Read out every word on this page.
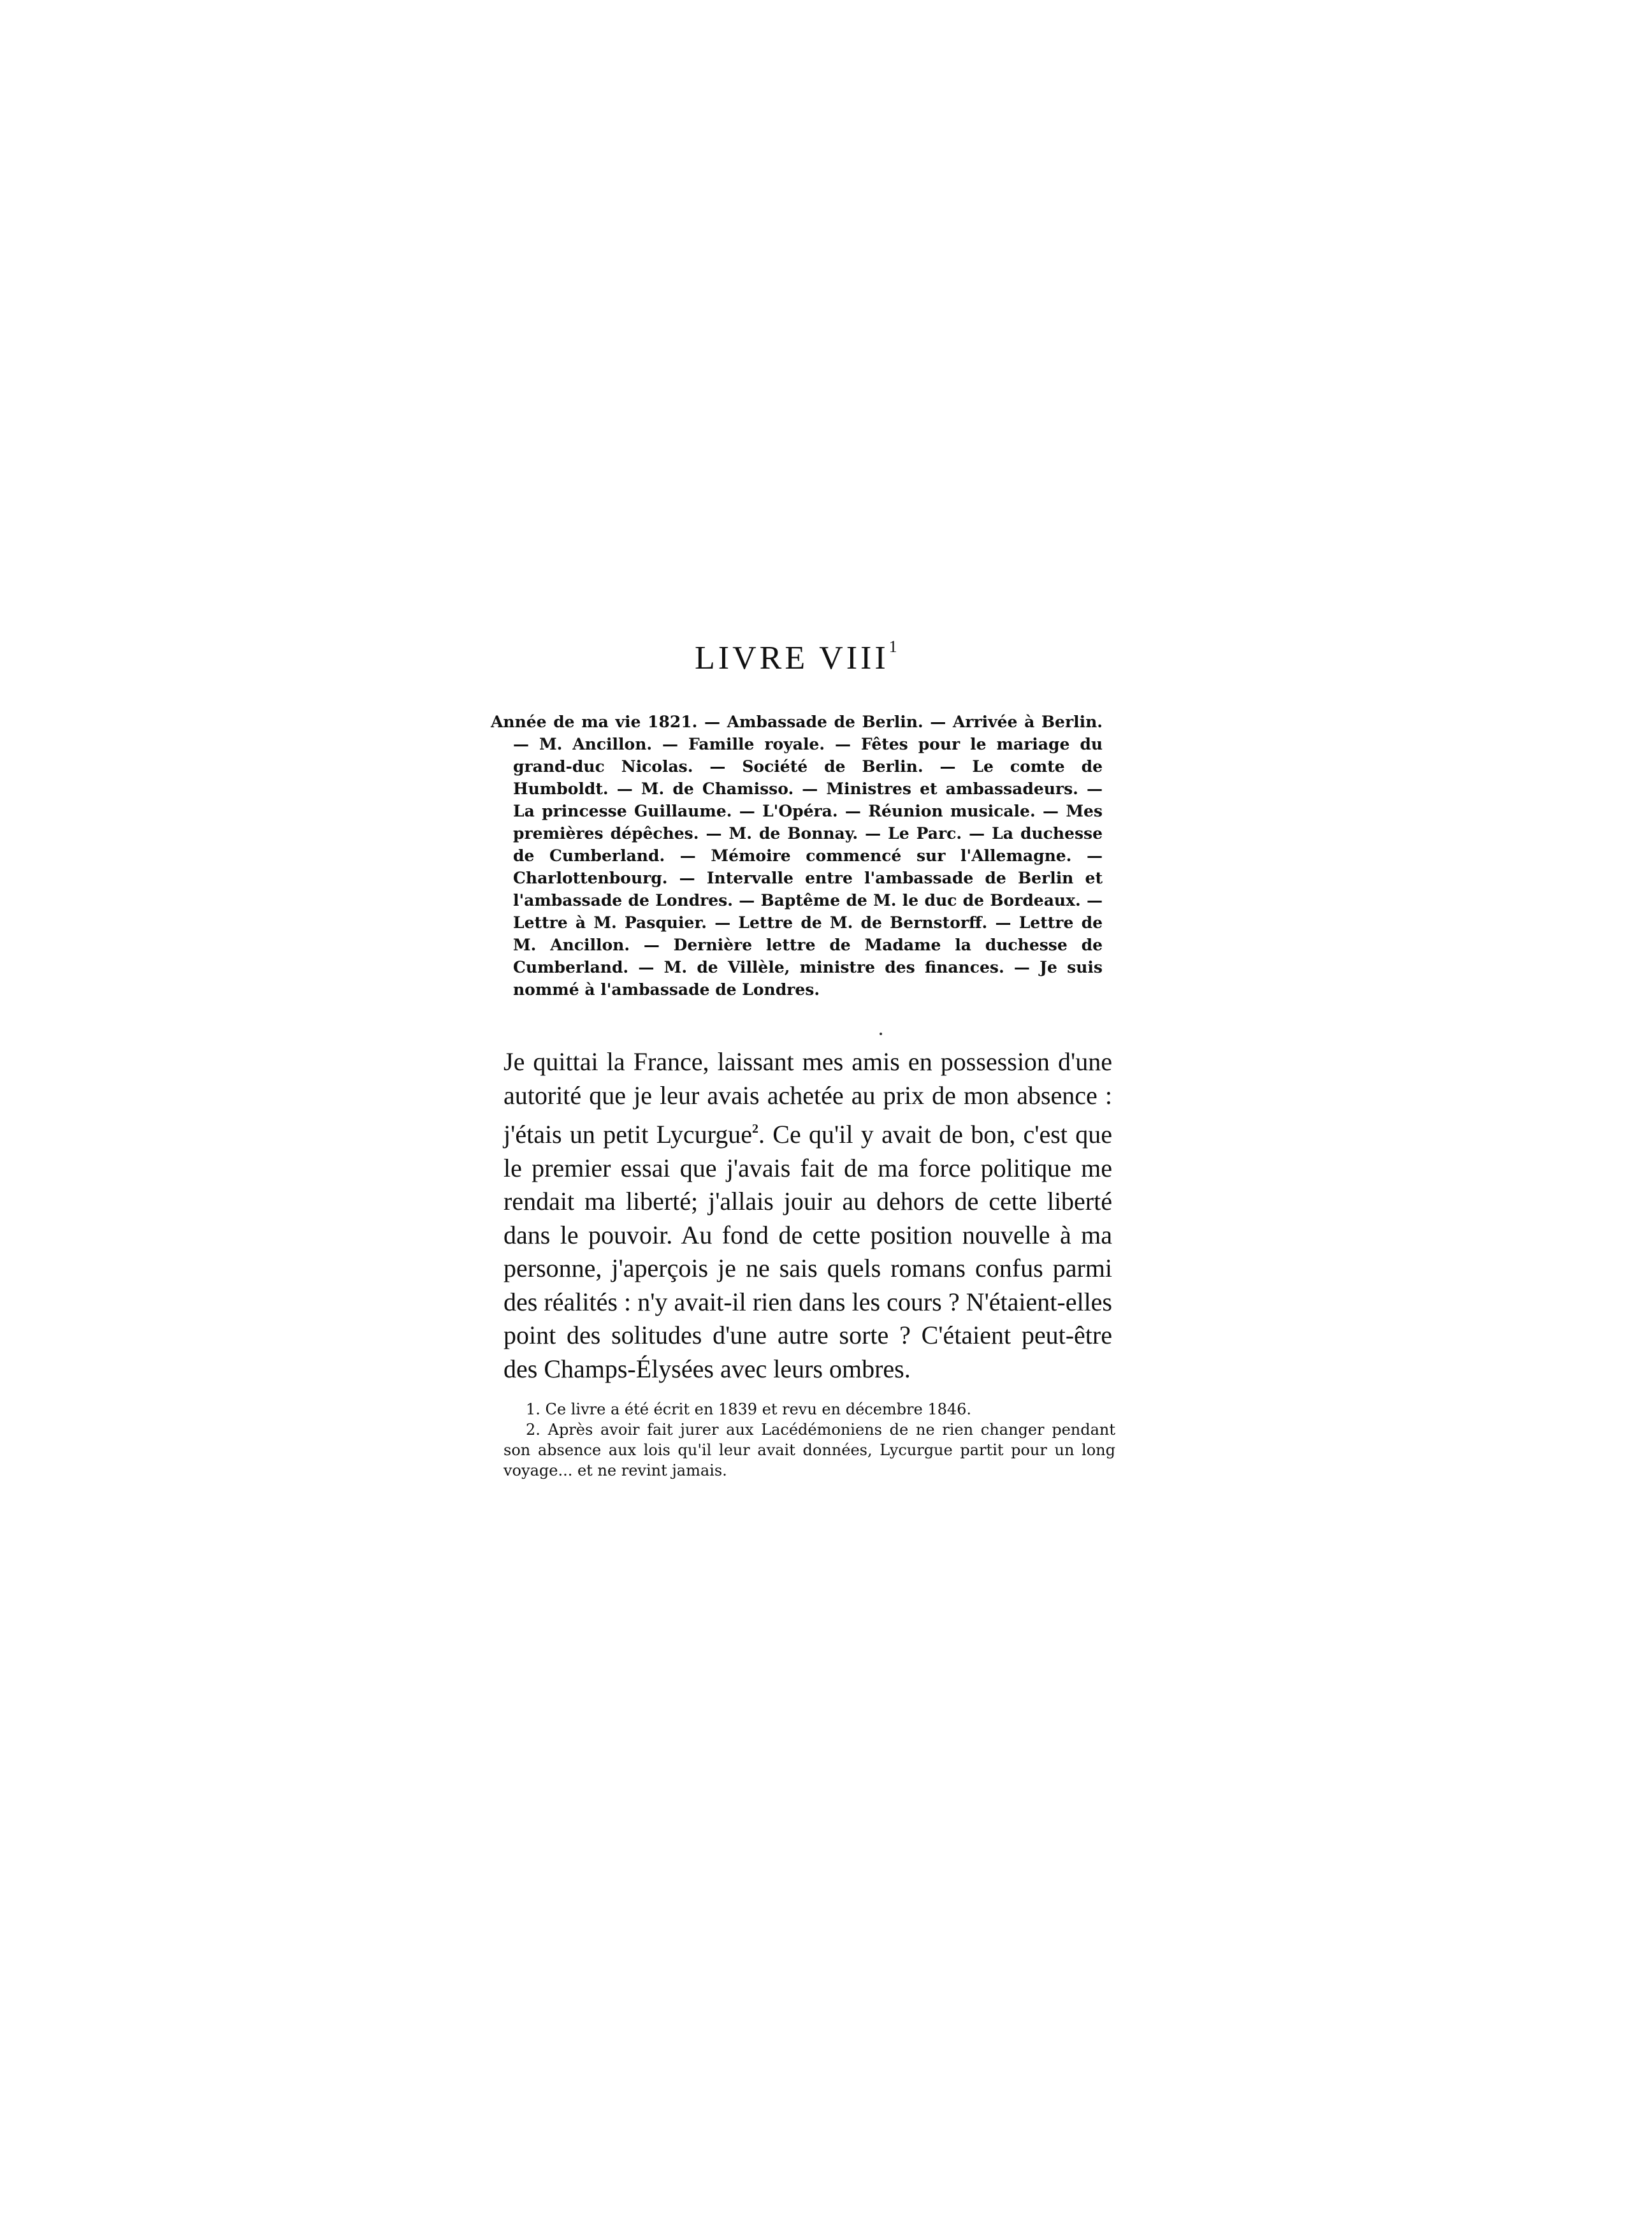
LIVRE VIII$^1$

Année de ma vie 1821. — Ambassade de Berlin. — Arrivée à Berlin. — M. Ancillon. — Famille royale. — Fêtes pour le mariage du grand-duc Nicolas. — Société de Berlin. — Le comte de Humboldt. — M. de Chamisso. — Ministres et ambassadeurs. — La princesse Guillaume. — L'Opéra. — Réunion musicale. — Mes premières dépêches. — M. de Bonnay. — Le Parc. — La duchesse de Cumberland. — Mémoire commencé sur l'Allemagne. — Charlottenbourg. — Intervalle entre l'ambassade de Berlin et l'ambassade de Londres. — Baptême de M. le duc de Bordeaux. — Lettre à M. Pasquier. — Lettre de M. de Bernstorff. — Lettre de M. Ancillon. — Dernière lettre de Madame la duchesse de Cumberland. — M. de Villèle, ministre des finances. — Je suis nommé à l'ambassade de Londres.

Je quittai la France, laissant mes amis en possession d'une autorité que je leur avais achetée au prix de mon absence : j'étais un petit Lycurgue$^2$. Ce qu'il y avait de bon, c'est que le premier essai que j'avais fait de ma force politique me rendait ma liberté; j'allais jouir au dehors de cette liberté dans le pouvoir. Au fond de cette position nouvelle à ma personne, j'aperçois je ne sais quels romans confus parmi des réalités : n'y avait-il rien dans les cours ? N'étaient-elles point des solitudes d'une autre sorte ? C'étaient peut-être des Champs-Élysées avec leurs ombres.

1. Ce livre a été écrit en 1839 et revu en décembre 1846.

2. Après avoir fait jurer aux Lacédémoniens de ne rien changer pendant son absence aux lois qu'il leur avait données, Lycurgue partit pour un long voyage... et ne revint jamais.
